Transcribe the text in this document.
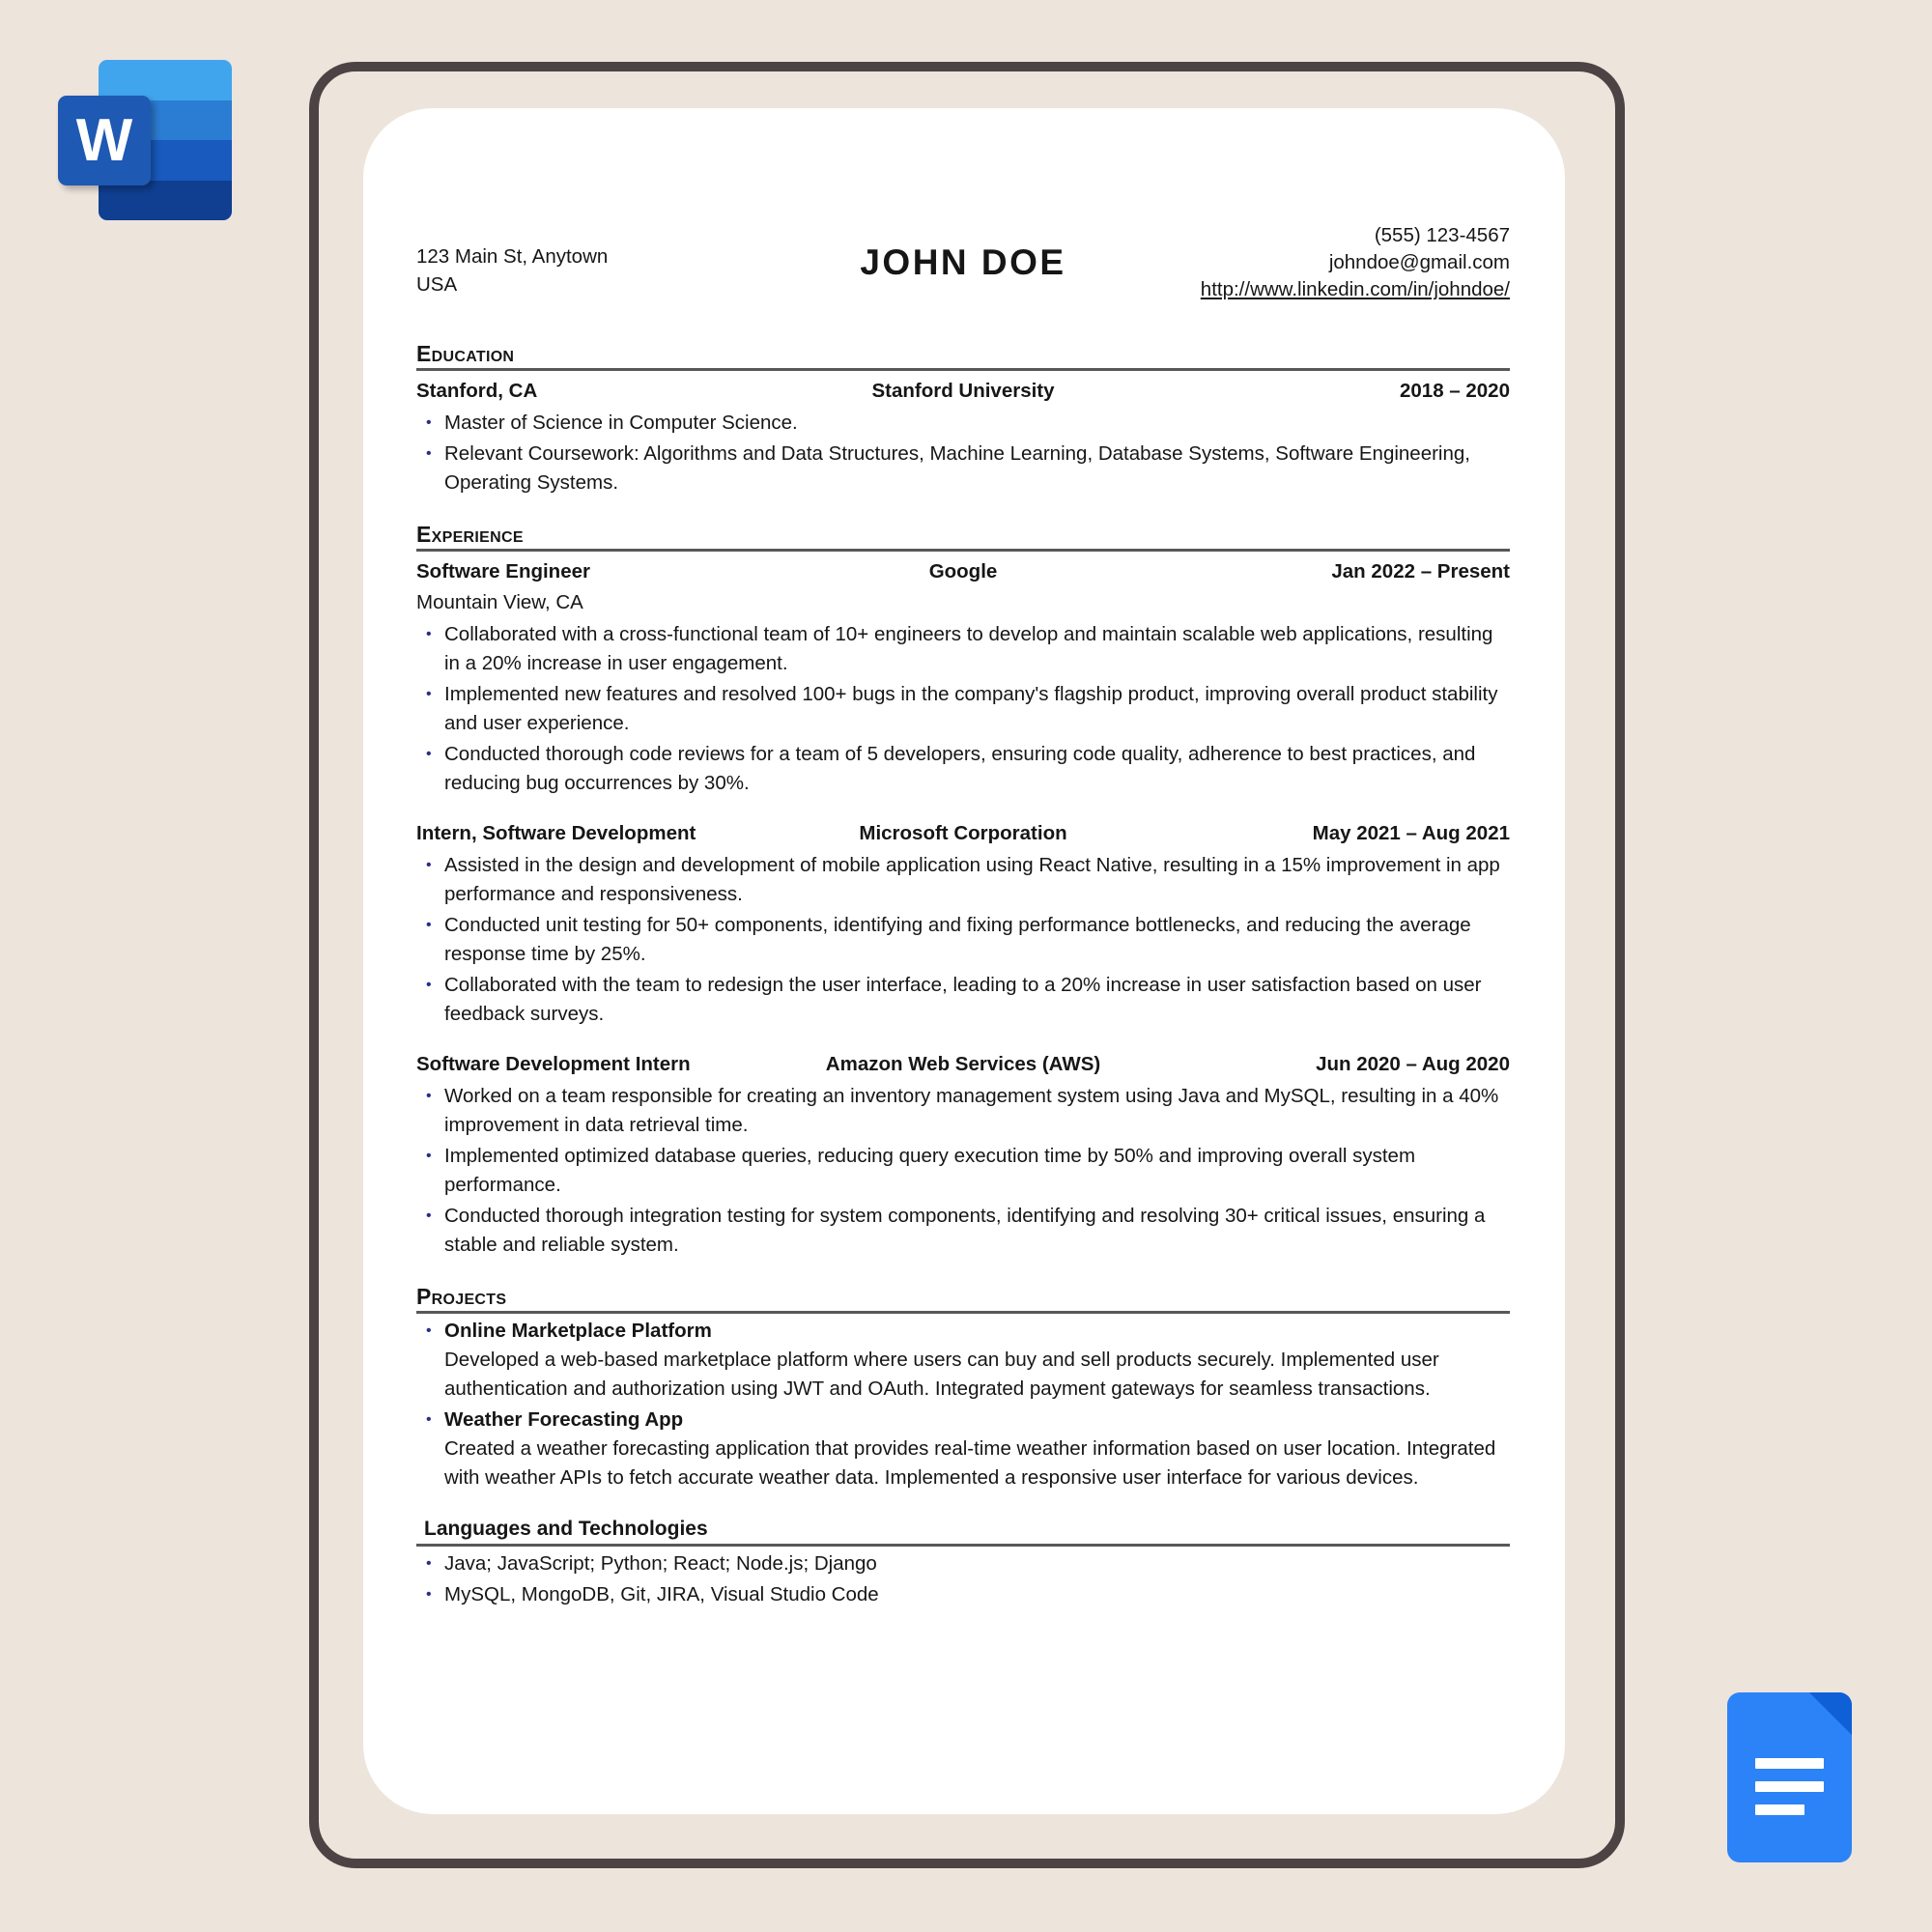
W
123 Main St, Anytown
USA
JOHN DOE
(555) 123-4567
johndoe@gmail.com
http://www.linkedin.com/in/johndoe/
Education
Stanford, CA	Stanford University	2018 – 2020
• Master of Science in Computer Science.
• Relevant Coursework: Algorithms and Data Structures, Machine Learning, Database Systems, Software Engineering, Operating Systems.
Experience
Software Engineer	Google	Jan 2022 – Present
Mountain View, CA
• Collaborated with a cross-functional team of 10+ engineers to develop and maintain scalable web applications, resulting in a 20% increase in user engagement.
• Implemented new features and resolved 100+ bugs in the company's flagship product, improving overall product stability and user experience.
• Conducted thorough code reviews for a team of 5 developers, ensuring code quality, adherence to best practices, and reducing bug occurrences by 30%.
Intern, Software Development	Microsoft Corporation	May 2021 – Aug 2021
• Assisted in the design and development of mobile application using React Native, resulting in a 15% improvement in app performance and responsiveness.
• Conducted unit testing for 50+ components, identifying and fixing performance bottlenecks, and reducing the average response time by 25%.
• Collaborated with the team to redesign the user interface, leading to a 20% increase in user satisfaction based on user feedback surveys.
Software Development Intern	Amazon Web Services (AWS)	Jun 2020 – Aug 2020
• Worked on a team responsible for creating an inventory management system using Java and MySQL, resulting in a 40% improvement in data retrieval time.
• Implemented optimized database queries, reducing query execution time by 50% and improving overall system performance.
• Conducted thorough integration testing for system components, identifying and resolving 30+ critical issues, ensuring a stable and reliable system.
Projects
• Online Marketplace Platform
Developed a web-based marketplace platform where users can buy and sell products securely. Implemented user authentication and authorization using JWT and OAuth. Integrated payment gateways for seamless transactions.
• Weather Forecasting App
Created a weather forecasting application that provides real-time weather information based on user location. Integrated with weather APIs to fetch accurate weather data. Implemented a responsive user interface for various devices.
Languages and Technologies
• Java; JavaScript; Python; React; Node.js; Django
• MySQL, MongoDB, Git, JIRA, Visual Studio Code
